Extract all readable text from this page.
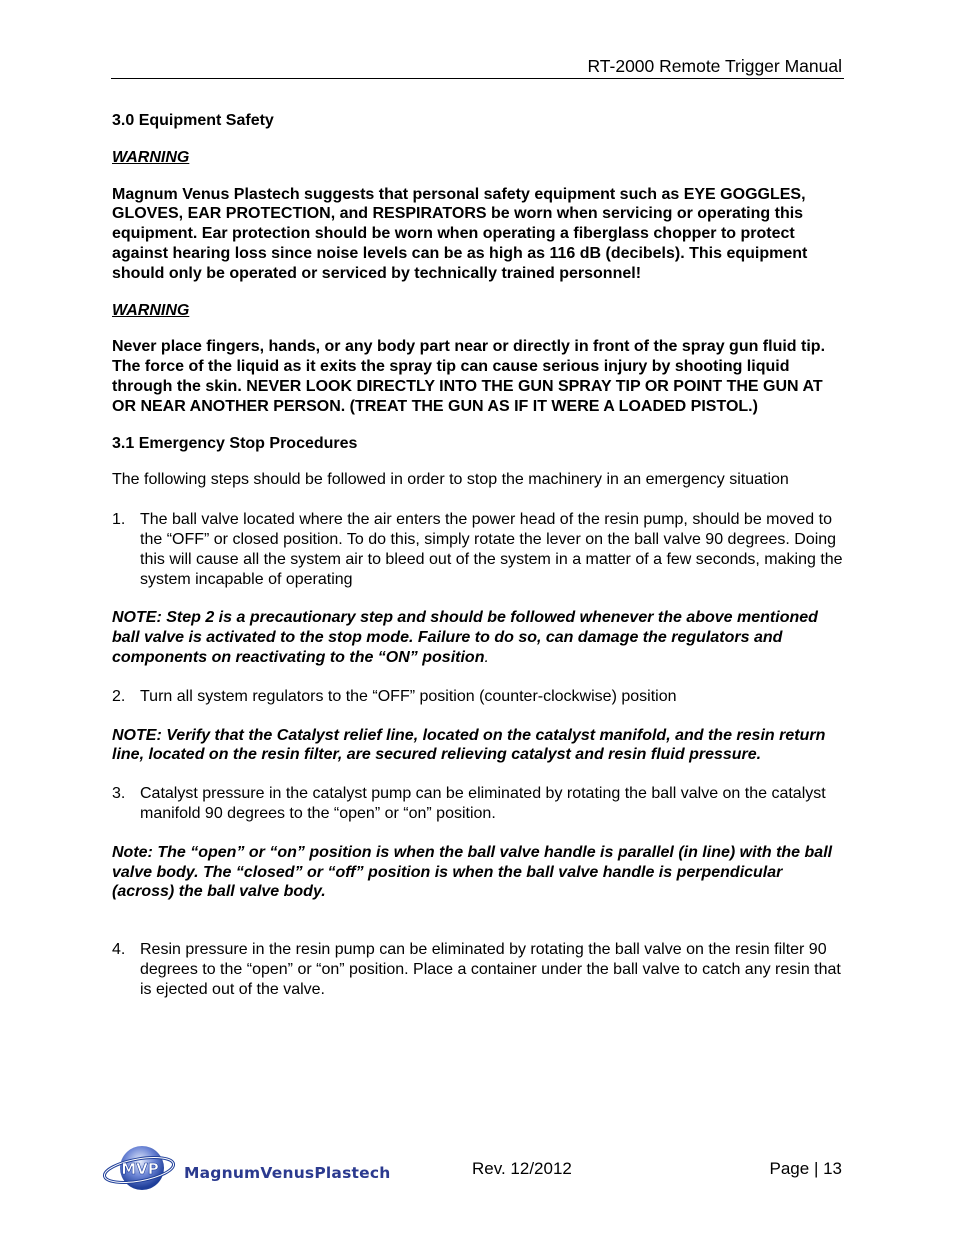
RT-2000 Remote Trigger Manual

3.0 Equipment Safety

WARNING

Magnum Venus Plastech suggests that personal safety equipment such as EYE GOGGLES, GLOVES, EAR PROTECTION, and RESPIRATORS be worn when servicing or operating this equipment. Ear protection should be worn when operating a fiberglass chopper to protect against hearing loss since noise levels can be as high as 116 dB (decibels). This equipment should only be operated or serviced by technically trained personnel!

WARNING

Never place fingers, hands, or any body part near or directly in front of the spray gun fluid tip. The force of the liquid as it exits the spray tip can cause serious injury by shooting liquid through the skin. NEVER LOOK DIRECTLY INTO THE GUN SPRAY TIP OR POINT THE GUN AT OR NEAR ANOTHER PERSON. (TREAT THE GUN AS IF IT WERE A LOADED PISTOL.)

3.1 Emergency Stop Procedures

The following steps should be followed in order to stop the machinery in an emergency situation

1. The ball valve located where the air enters the power head of the resin pump, should be moved to the “OFF” or closed position. To do this, simply rotate the lever on the ball valve 90 degrees. Doing this will cause all the system air to bleed out of the system in a matter of a few seconds, making the system incapable of operating

NOTE: Step 2 is a precautionary step and should be followed whenever the above mentioned ball valve is activated to the stop mode. Failure to do so, can damage the regulators and components on reactivating to the “ON” position.

2. Turn all system regulators to the “OFF” position (counter-clockwise) position

NOTE: Verify that the Catalyst relief line, located on the catalyst manifold, and the resin return line, located on the resin filter, are secured relieving catalyst and resin fluid pressure.

3. Catalyst pressure in the catalyst pump can be eliminated by rotating the ball valve on the catalyst manifold 90 degrees to the “open” or “on” position.

Note: The “open” or “on” position is when the ball valve handle is parallel (in line) with the ball valve body. The “closed” or “off” position is when the ball valve handle is perpendicular (across) the ball valve body.

4. Resin pressure in the resin pump can be eliminated by rotating the ball valve on the resin filter 90 degrees to the “open” or “on” position. Place a container under the ball valve to catch any resin that is ejected out of the valve.

MVP MagnumVenusPlastech	Rev. 12/2012	Page | 13
